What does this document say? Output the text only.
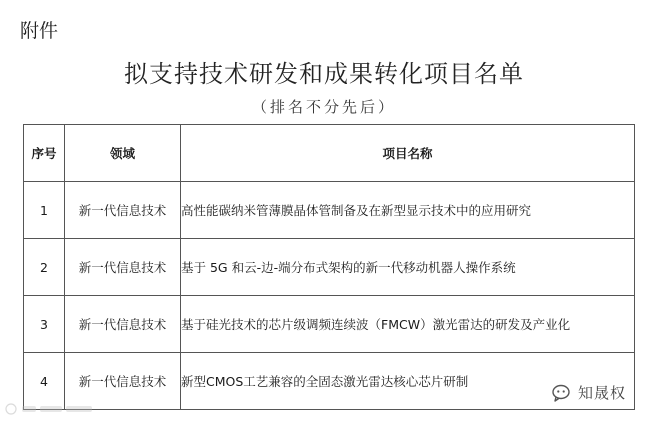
附件
拟支持技术研发和成果转化项目名单
（排名不分先后）
序号	领域	项目名称
1	新一代信息技术	高性能碳纳米管薄膜晶体管制备及在新型显示技术中的应用研究
2	新一代信息技术	基于 5G 和云-边-端分布式架构的新一代移动机器人操作系统
3	新一代信息技术	基于硅光技术的芯片级调频连续波（FMCW）激光雷达的研发及产业化
4	新一代信息技术	新型CMOS工艺兼容的全固态激光雷达核心芯片研制
知晟权
